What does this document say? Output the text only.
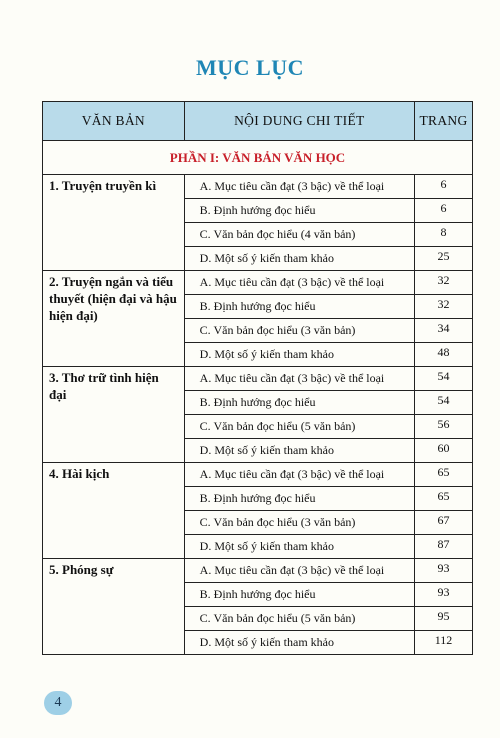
MỤC LỤC
VĂN BẢN	NỘI DUNG CHI TIẾT	TRANG
PHẦN I: VĂN BẢN VĂN HỌC		
1. Truyện truyền kì	A. Mục tiêu cần đạt (3 bậc) về thể loại	6
	B. Định hướng đọc hiểu	6
	C. Văn bản đọc hiểu (4 văn bản)	8
	D. Một số ý kiến tham khảo	25
2. Truyện ngắn và tiểu thuyết (hiện đại và hậu hiện đại)	A. Mục tiêu cần đạt (3 bậc) về thể loại	32
	B. Định hướng đọc hiểu	32
	C. Văn bản đọc hiểu (3 văn bản)	34
	D. Một số ý kiến tham khảo	48
3. Thơ trữ tình hiện đại	A. Mục tiêu cần đạt (3 bậc) về thể loại	54
	B. Định hướng đọc hiểu	54
	C. Văn bản đọc hiểu (5 văn bản)	56
	D. Một số ý kiến tham khảo	60
4. Hài kịch	A. Mục tiêu cần đạt (3 bậc) về thể loại	65
	B. Định hướng đọc hiểu	65
	C. Văn bản đọc hiểu (3 văn bản)	67
	D. Một số ý kiến tham khảo	87
5. Phóng sự	A. Mục tiêu cần đạt (3 bậc) về thể loại	93
	B. Định hướng đọc hiểu	93
	C. Văn bản đọc hiểu (5 văn bản)	95
	D. Một số ý kiến tham khảo	112
4
